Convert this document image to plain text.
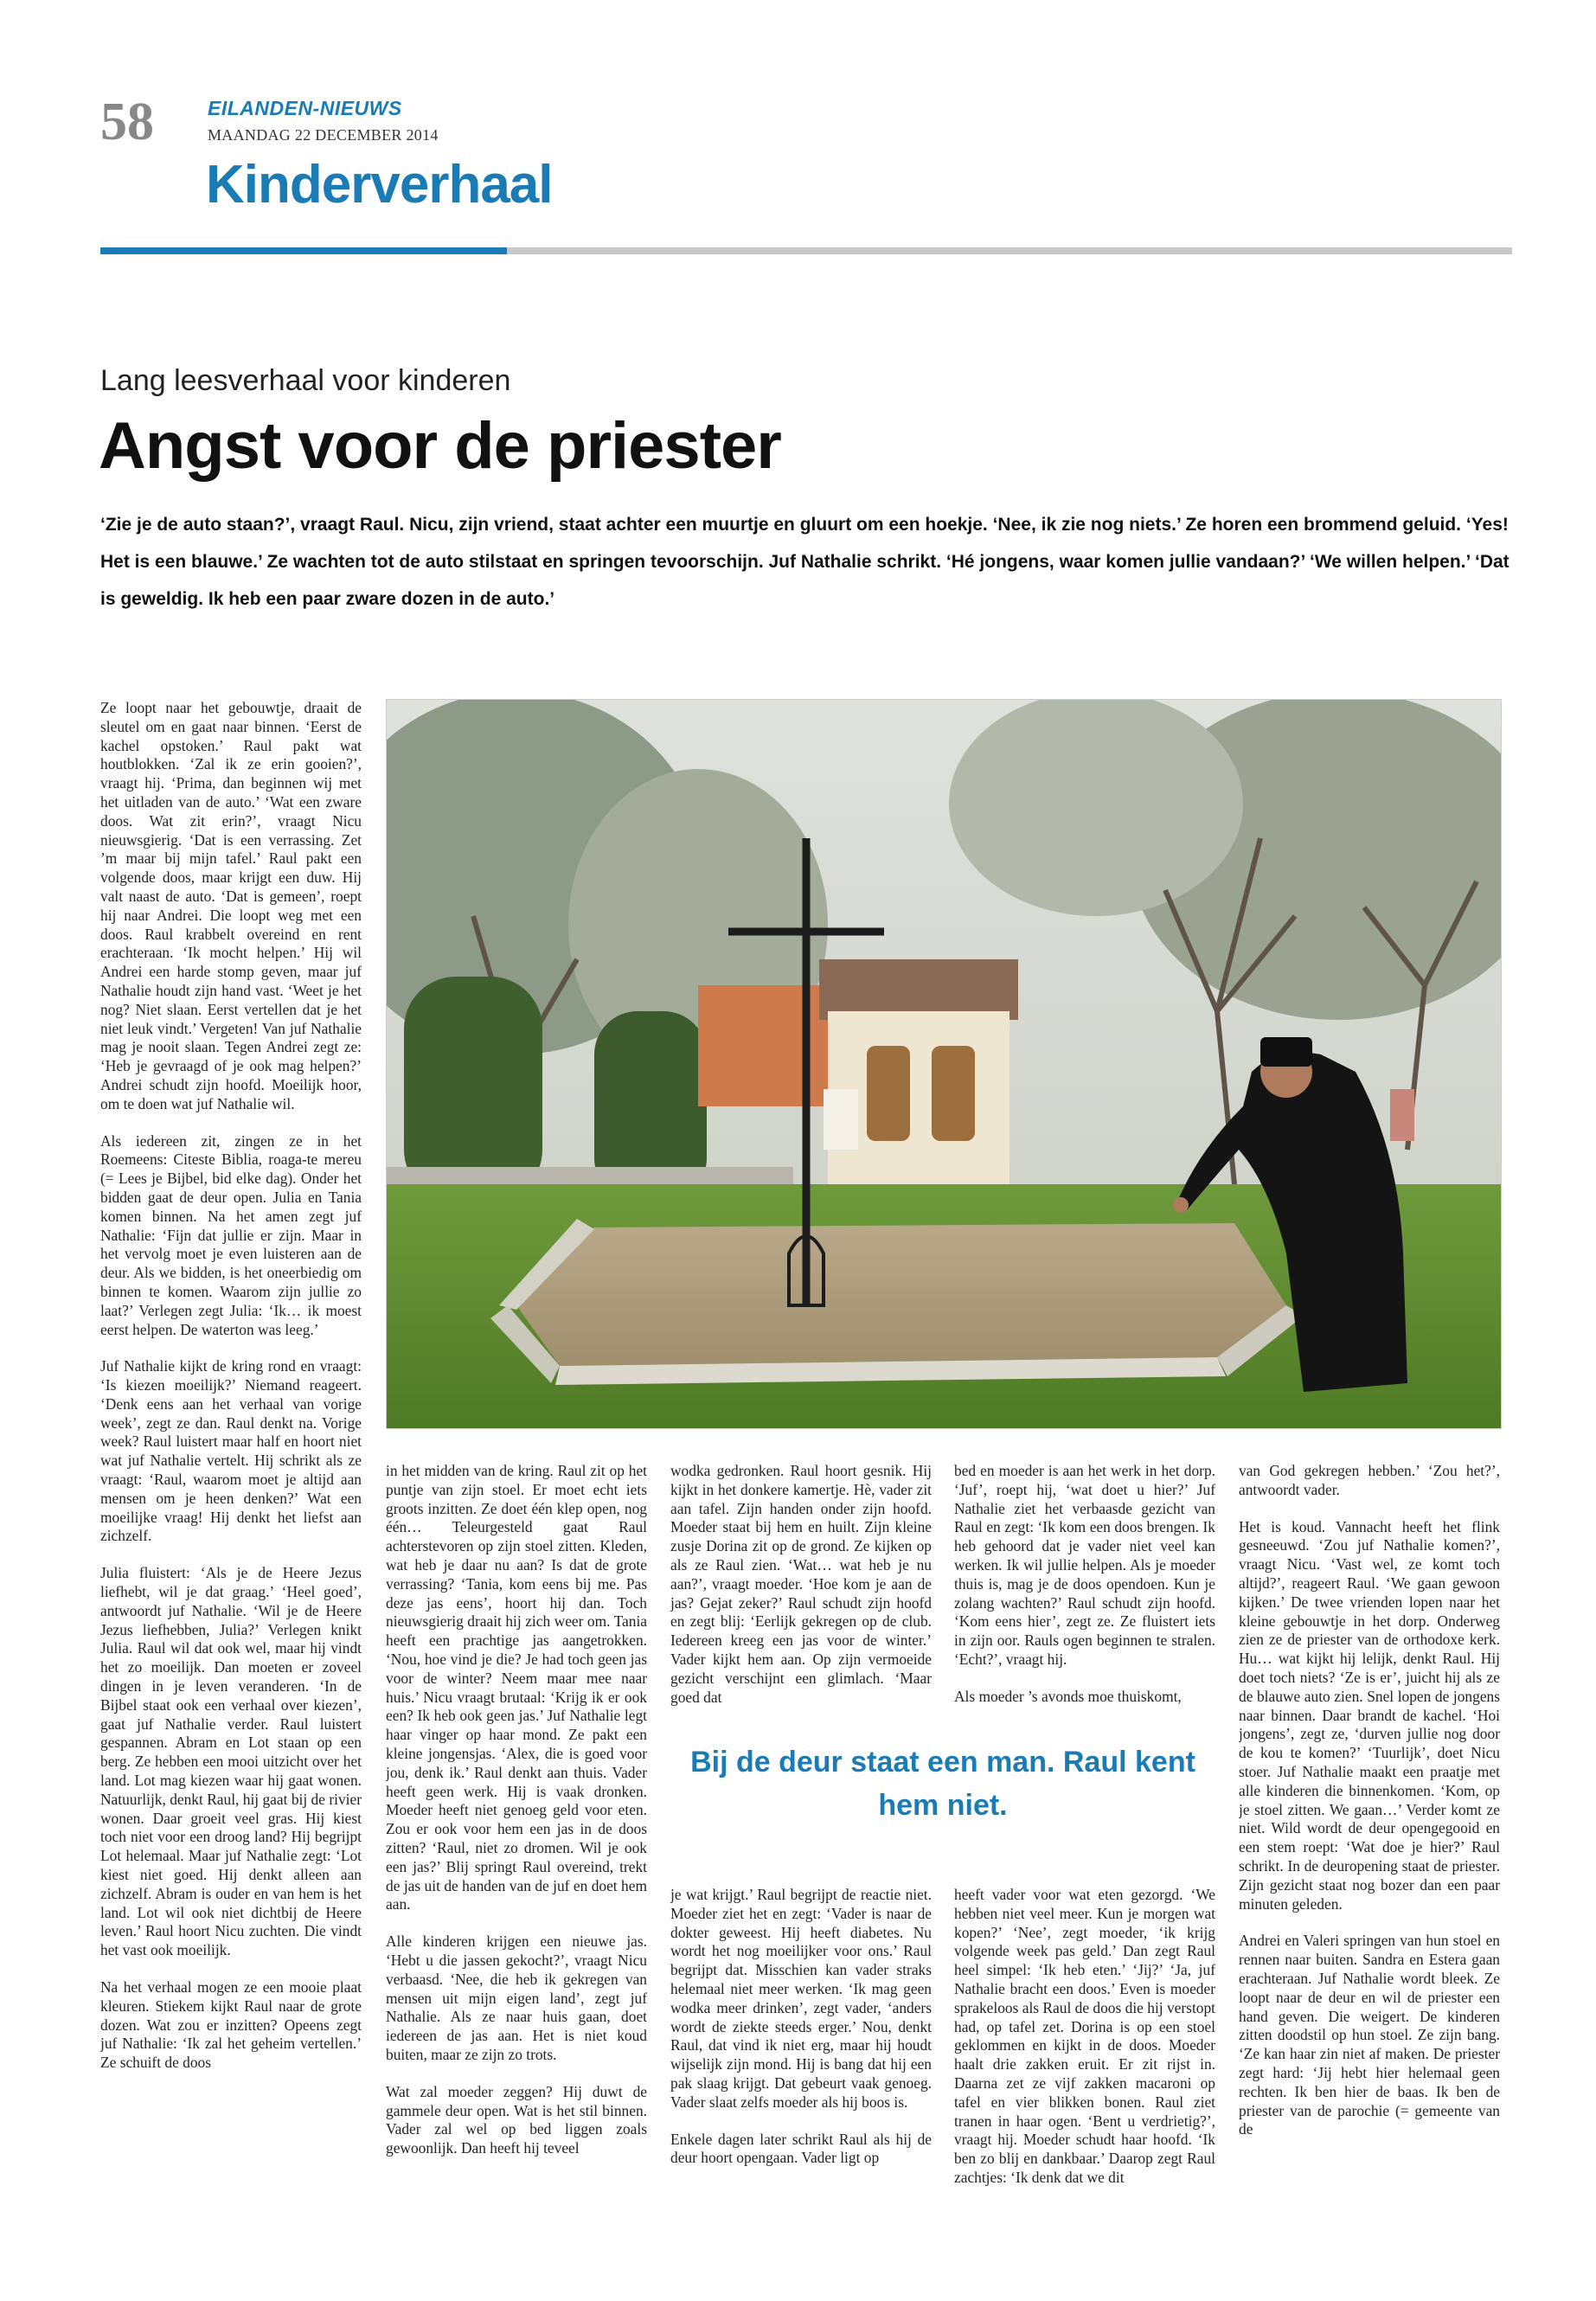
58	EILANDEN-NIEUWS
MAANDAG 22 DECEMBER 2014
Kinderverhaal
Lang leesverhaal voor kinderen
Angst voor de priester
‘Zie je de auto staan?’, vraagt Raul. Nicu, zijn vriend, staat achter een muurtje en gluurt om een hoekje. ‘Nee, ik zie nog niets.’ Ze horen een brommend geluid. ‘Yes! Het is een blauwe.’ Ze wachten tot de auto stilstaat en springen tevoorschijn. Juf Nathalie schrikt. ‘Hé jongens, waar komen jullie vandaan?’ ‘We willen helpen.’ ‘Dat is geweldig. Ik heb een paar zware dozen in de auto.’

Ze loopt naar het gebouwtje, draait de sleutel om en gaat naar binnen. ‘Eerst de kachel opstoken.’ Raul pakt wat houtblokken. ‘Zal ik ze erin gooien?’, vraagt hij. ‘Prima, dan beginnen wij met het uitladen van de auto.’ ‘Wat een zware doos. Wat zit erin?’, vraagt Nicu nieuwsgierig. ‘Dat is een verrassing. Zet ’m maar bij mijn tafel.’ Raul pakt een volgende doos, maar krijgt een duw. Hij valt naast de auto. ‘Dat is gemeen’, roept hij naar Andrei. Die loopt weg met een doos. Raul krabbelt overeind en rent erachteraan. ‘Ik mocht helpen.’ Hij wil Andrei een harde stomp geven, maar juf Nathalie houdt zijn hand vast. ‘Weet je het nog? Niet slaan. Eerst vertellen dat je het niet leuk vindt.’ Vergeten! Van juf Nathalie mag je nooit slaan. Tegen Andrei zegt ze: ‘Heb je gevraagd of je ook mag helpen?’ Andrei schudt zijn hoofd. Moeilijk hoor, om te doen wat juf Nathalie wil.

Als iedereen zit, zingen ze in het Roemeens: Citeste Biblia, roaga-te mereu (= Lees je Bijbel, bid elke dag). Onder het bidden gaat de deur open. Julia en Tania komen binnen. Na het amen zegt juf Nathalie: ‘Fijn dat jullie er zijn. Maar in het vervolg moet je even luisteren aan de deur. Als we bidden, is het oneerbiedig om binnen te komen. Waarom zijn jullie zo laat?’ Verlegen zegt Julia: ‘Ik… ik moest eerst helpen. De waterton was leeg.’

Juf Nathalie kijkt de kring rond en vraagt: ‘Is kiezen moeilijk?’ Niemand reageert. ‘Denk eens aan het verhaal van vorige week’, zegt ze dan. Raul denkt na. Vorige week? Raul luistert maar half en hoort niet wat juf Nathalie vertelt. Hij schrikt als ze vraagt: ‘Raul, waarom moet je altijd aan mensen om je heen denken?’ Wat een moeilijke vraag! Hij denkt het liefst aan zichzelf.

Julia fluistert: ‘Als je de Heere Jezus liefhebt, wil je dat graag.’ ‘Heel goed’, antwoordt juf Nathalie. ‘Wil je de Heere Jezus liefhebben, Julia?’ Verlegen knikt Julia. Raul wil dat ook wel, maar hij vindt het zo moeilijk. Dan moeten er zoveel dingen in je leven veranderen. ‘In de Bijbel staat ook een verhaal over kiezen’, gaat juf Nathalie verder. Raul luistert gespannen. Abram en Lot staan op een berg. Ze hebben een mooi uitzicht over het land. Lot mag kiezen waar hij gaat wonen. Natuurlijk, denkt Raul, hij gaat bij de rivier wonen. Daar groeit veel gras. Hij kiest toch niet voor een droog land? Hij begrijpt Lot helemaal. Maar juf Nathalie zegt: ‘Lot kiest niet goed. Hij denkt alleen aan zichzelf. Abram is ouder en van hem is het land. Lot wil ook niet dichtbij de Heere leven.’ Raul hoort Nicu zuchten. Die vindt het vast ook moeilijk.

Na het verhaal mogen ze een mooie plaat kleuren. Stiekem kijkt Raul naar de grote dozen. Wat zou er inzitten? Opeens zegt juf Nathalie: ‘Ik zal het geheim vertellen.’ Ze schuift de doos

in het midden van de kring. Raul zit op het puntje van zijn stoel. Er moet echt iets groots inzitten. Ze doet één klep open, nog één… Teleurgesteld gaat Raul achterstevoren op zijn stoel zitten. Kleden, wat heb je daar nu aan? Is dat de grote verrassing? ‘Tania, kom eens bij me. Pas deze jas eens’, hoort hij dan. Toch nieuwsgierig draait hij zich weer om. Tania heeft een prachtige jas aangetrokken. ‘Nou, hoe vind je die? Je had toch geen jas voor de winter? Neem maar mee naar huis.’ Nicu vraagt brutaal: ‘Krijg ik er ook een? Ik heb ook geen jas.’ Juf Nathalie legt haar vinger op haar mond. Ze pakt een kleine jongensjas. ‘Alex, die is goed voor jou, denk ik.’ Raul denkt aan thuis. Vader heeft geen werk. Hij is vaak dronken. Moeder heeft niet genoeg geld voor eten. Zou er ook voor hem een jas in de doos zitten? ‘Raul, niet zo dromen. Wil je ook een jas?’ Blij springt Raul overeind, trekt de jas uit de handen van de juf en doet hem aan.

Alle kinderen krijgen een nieuwe jas. ‘Hebt u die jassen gekocht?’, vraagt Nicu verbaasd. ‘Nee, die heb ik gekregen van mensen uit mijn eigen land’, zegt juf Nathalie. Als ze naar huis gaan, doet iedereen de jas aan. Het is niet koud buiten, maar ze zijn zo trots.

Wat zal moeder zeggen? Hij duwt de gammele deur open. Wat is het stil binnen. Vader zal wel op bed liggen zoals gewoonlijk. Dan heeft hij teveel

wodka gedronken. Raul hoort gesnik. Hij kijkt in het donkere kamertje. Hè, vader zit aan tafel. Zijn handen onder zijn hoofd. Moeder staat bij hem en huilt. Zijn kleine zusje Dorina zit op de grond. Ze kijken op als ze Raul zien. ‘Wat… wat heb je nu aan?’, vraagt moeder. ‘Hoe kom je aan de jas? Gejat zeker?’ Raul schudt zijn hoofd en zegt blij: ‘Eerlijk gekregen op de club. Iedereen kreeg een jas voor de winter.’ Vader kijkt hem aan. Op zijn vermoeide gezicht verschijnt een glimlach. ‘Maar goed dat

bed en moeder is aan het werk in het dorp. ‘Juf’, roept hij, ‘wat doet u hier?’ Juf Nathalie ziet het verbaasde gezicht van Raul en zegt: ‘Ik kom een doos brengen. Ik heb gehoord dat je vader niet veel kan werken. Ik wil jullie helpen. Als je moeder thuis is, mag je de doos opendoen. Kun je zolang wachten?’ Raul schudt zijn hoofd. ‘Kom eens hier’, zegt ze. Ze fluistert iets in zijn oor. Rauls ogen beginnen te stralen. ‘Echt?’, vraagt hij.

Als moeder ’s avonds moe thuiskomt,

Bij de deur staat een man. Raul kent hem niet.

je wat krijgt.’ Raul begrijpt de reactie niet. Moeder ziet het en zegt: ‘Vader is naar de dokter geweest. Hij heeft diabetes. Nu wordt het nog moeilijker voor ons.’ Raul begrijpt dat. Misschien kan vader straks helemaal niet meer werken. ‘Ik mag geen wodka meer drinken’, zegt vader, ‘anders wordt de ziekte steeds erger.’ Nou, denkt Raul, dat vind ik niet erg, maar hij houdt wijselijk zijn mond. Hij is bang dat hij een pak slaag krijgt. Dat gebeurt vaak genoeg. Vader slaat zelfs moeder als hij boos is.

Enkele dagen later schrikt Raul als hij de deur hoort opengaan. Vader ligt op

heeft vader voor wat eten gezorgd. ‘We hebben niet veel meer. Kun je morgen wat kopen?’ ‘Nee’, zegt moeder, ‘ik krijg volgende week pas geld.’ Dan zegt Raul heel simpel: ‘Ik heb eten.’ ‘Jij?’ ‘Ja, juf Nathalie bracht een doos.’ Even is moeder sprakeloos als Raul de doos die hij verstopt had, op tafel zet. Dorina is op een stoel geklommen en kijkt in de doos. Moeder haalt drie zakken eruit. Er zit rijst in. Daarna zet ze vijf zakken macaroni op tafel en vier blikken bonen. Raul ziet tranen in haar ogen. ‘Bent u verdrietig?’, vraagt hij. Moeder schudt haar hoofd. ‘Ik ben zo blij en dankbaar.’ Daarop zegt Raul zachtjes: ‘Ik denk dat we dit

van God gekregen hebben.’ ‘Zou het?’, antwoordt vader.

Het is koud. Vannacht heeft het flink gesneeuwd. ‘Zou juf Nathalie komen?’, vraagt Nicu. ‘Vast wel, ze komt toch altijd?’, reageert Raul. ‘We gaan gewoon kijken.’ De twee vrienden lopen naar het kleine gebouwtje in het dorp. Onderweg zien ze de priester van de orthodoxe kerk. Hu… wat kijkt hij lelijk, denkt Raul. Hij doet toch niets? ‘Ze is er’, juicht hij als ze de blauwe auto zien. Snel lopen de jongens naar binnen. Daar brandt de kachel. ‘Hoi jongens’, zegt ze, ‘durven jullie nog door de kou te komen?’ ‘Tuurlijk’, doet Nicu stoer. Juf Nathalie maakt een praatje met alle kinderen die binnenkomen. ‘Kom, op je stoel zitten. We gaan…’ Verder komt ze niet. Wild wordt de deur opengegooid en een stem roept: ‘Wat doe je hier?’ Raul schrikt. In de deuropening staat de priester. Zijn gezicht staat nog bozer dan een paar minuten geleden.

Andrei en Valeri springen van hun stoel en rennen naar buiten. Sandra en Estera gaan erachteraan. Juf Nathalie wordt bleek. Ze loopt naar de deur en wil de priester een hand geven. Die weigert. De kinderen zitten doodstil op hun stoel. Ze zijn bang. ‘Ze kan haar zin niet af maken. De priester zegt hard: ‘Jij hebt hier helemaal geen rechten. Ik ben hier de baas. Ik ben de priester van de parochie (= gemeente van de
